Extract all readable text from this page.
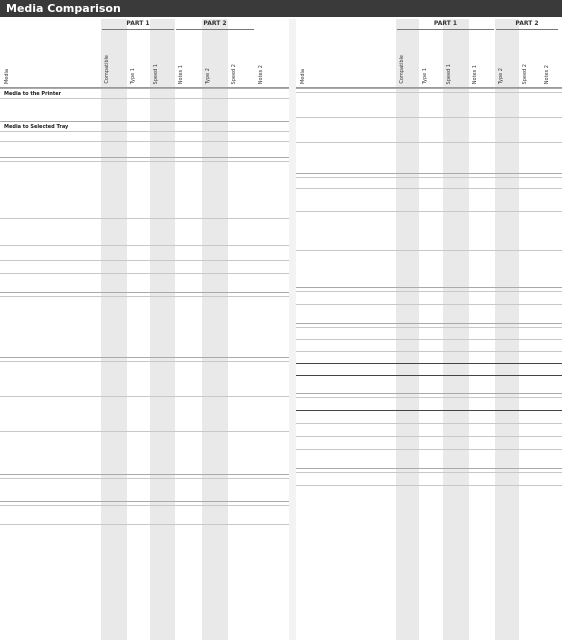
Media Comparison
Media	Compatible	Type 1	Speed 1	Notes 1	Type 2	Speed 2	Notes 2
PART 1	PART 2
Media to the Printer
Media to Selected Tray
Media	Compatible	Type 1	Speed 1	Notes 1	Type 2	Speed 2	Notes 2
PART 1	PART 2
